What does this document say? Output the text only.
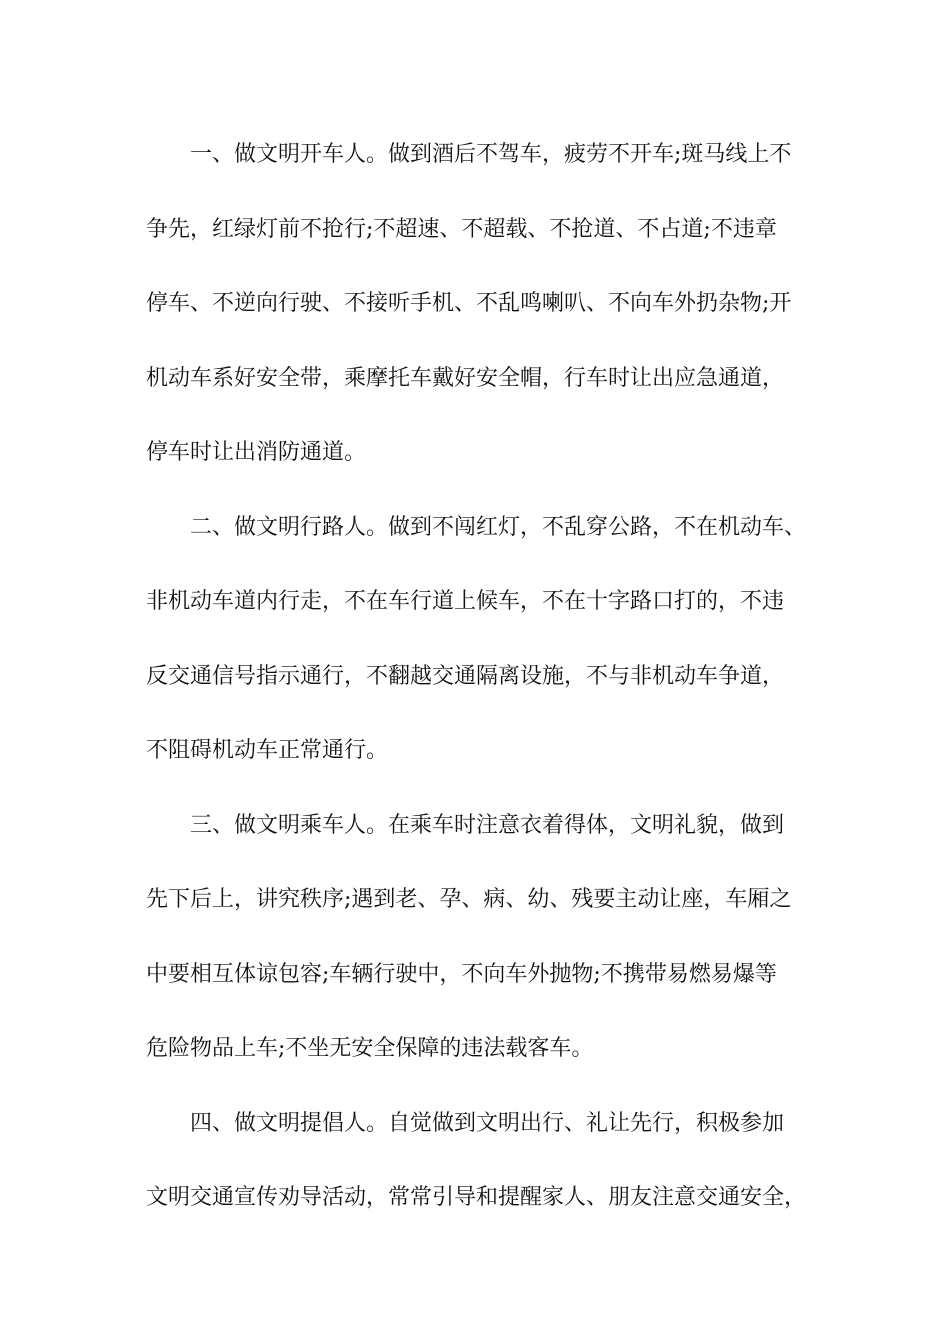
一、做文明开车人。做到酒后不驾车，疲劳不开车;斑马线上不
争先，红绿灯前不抢行;不超速、不超载、不抢道、不占道;不违章
停车、不逆向行驶、不接听手机、不乱鸣喇叭、不向车外扔杂物;开
机动车系好安全带，乘摩托车戴好安全帽，行车时让出应急通道，
停车时让出消防通道。
二、做文明行路人。做到不闯红灯，不乱穿公路，不在机动车、
非机动车道内行走，不在车行道上候车，不在十字路口打的，不违
反交通信号指示通行，不翻越交通隔离设施，不与非机动车争道，
不阻碍机动车正常通行。
三、做文明乘车人。在乘车时注意衣着得体，文明礼貌，做到
先下后上，讲究秩序;遇到老、孕、病、幼、残要主动让座，车厢之
中要相互体谅包容;车辆行驶中，不向车外抛物;不携带易燃易爆等
危险物品上车;不坐无安全保障的违法载客车。
四、做文明提倡人。自觉做到文明出行、礼让先行，积极参加
文明交通宣传劝导活动，常常引导和提醒家人、朋友注意交通安全，
